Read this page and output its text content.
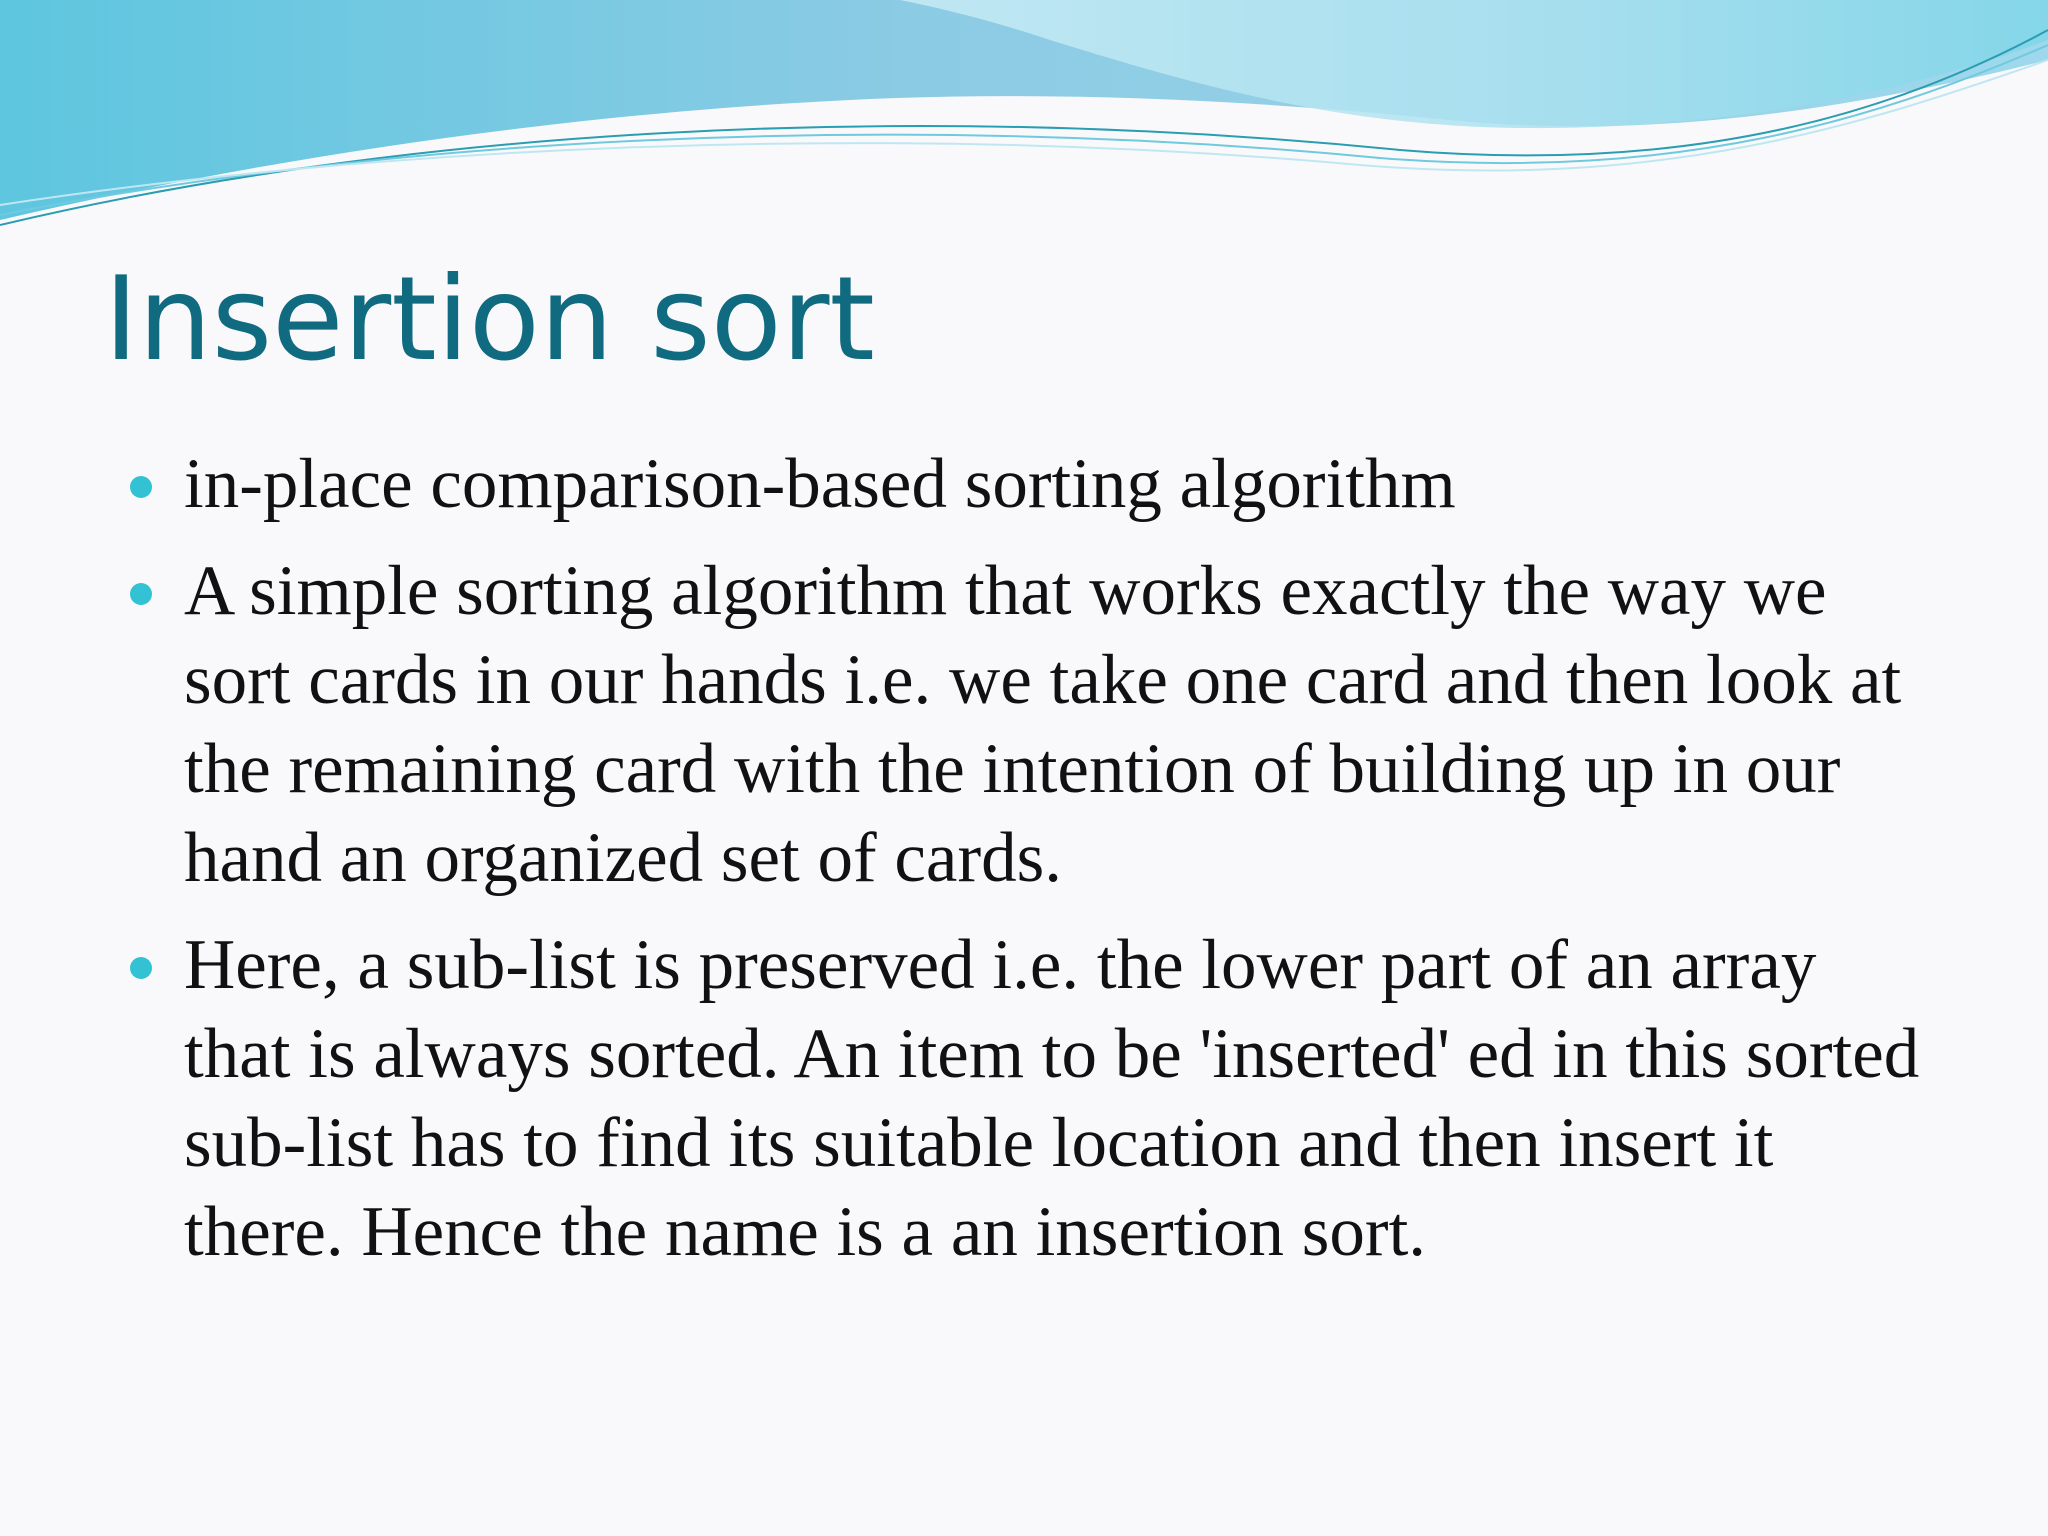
Insertion sort
in-place comparison-based sorting algorithm
A simple sorting algorithm that works exactly the way we sort cards in our hands i.e. we take one card and then look at the remaining card with the intention of building up in our hand an organized set of cards.
Here, a sub-list is preserved i.e. the lower part of an array that is always sorted. An item to be 'inserted' ed in this sorted sub-list has to find its suitable location and then insert it there. Hence the name is a an insertion sort.
